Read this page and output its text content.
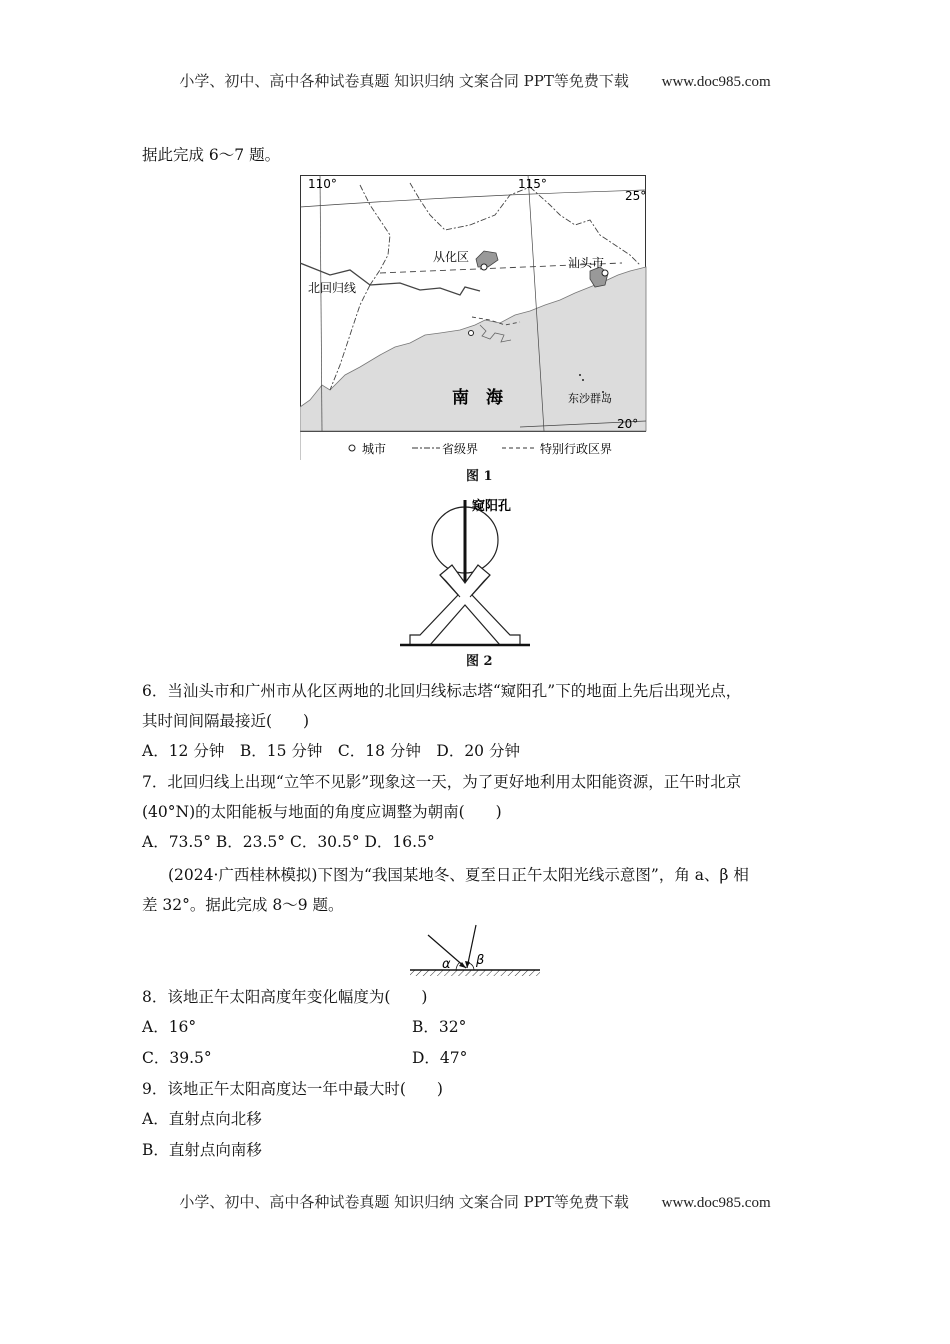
小学、初中、高中各种试卷真题 知识归纳 文案合同 PPT等免费下载 www.doc985.com
据此完成 6～7 题。
110°	115°
25°
20°
从化区	汕头市
北回归线
南　海	东沙群岛
城市	省级界	特别行政区界
图 1
窥阳孔
图 2
6．当汕头市和广州市从化区两地的北回归线标志塔“窥阳孔”下的地面上先后出现光点，
其时间间隔最接近(　　)
A．12 分钟　B．15 分钟　C．18 分钟　D．20 分钟
7．北回归线上出现“立竿不见影”现象这一天，为了更好地利用太阳能资源，正午时北京
(40°N)的太阳能板与地面的角度应调整为朝南(　　)
A．73.5° B．23.5° C．30.5° D．16.5°
(2024·广西桂林模拟)下图为“我国某地冬、夏至日正午太阳光线示意图”，角 a、β 相
差 32°。据此完成 8～9 题。
α β
8．该地正午太阳高度年变化幅度为(　　)
A．16°	B．32°
C．39.5°	D．47°
9．该地正午太阳高度达一年中最大时(　　)
A．直射点向北移
B．直射点向南移
小学、初中、高中各种试卷真题 知识归纳 文案合同 PPT等免费下载 www.doc985.com
